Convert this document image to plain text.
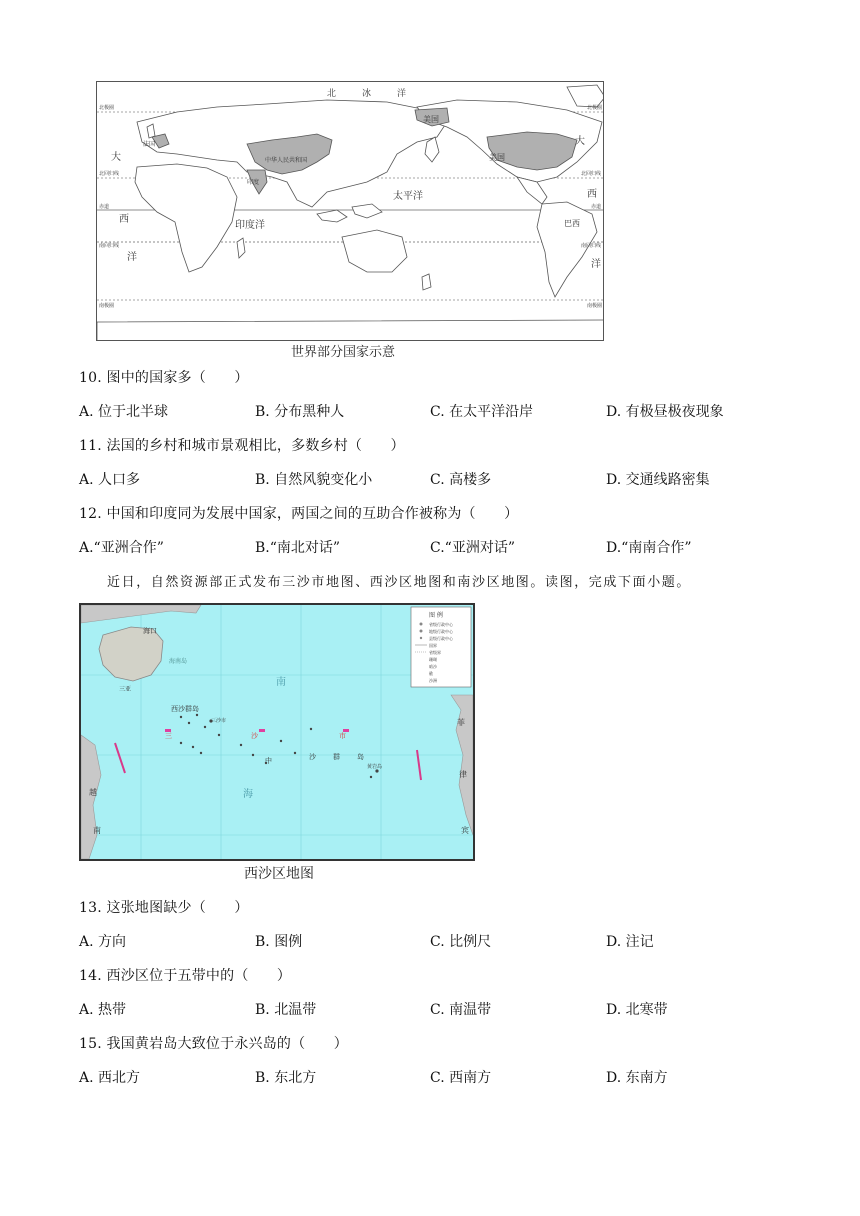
北	冰	洋
大
西
洋
大
西
洋
太平洋
印度洋
中华人民共和国
印度
美国
美国
法国
巴西
北极圈	北极圈
北回归线	北回归线
赤道	赤道
南回归线	南回归线
南极圈	南极圈
世界部分国家示意
10. 图中的国家多（　　）
A. 位于北半球	B. 分布黑种人	C. 在太平洋沿岸	D. 有极昼极夜现象
11. 法国的乡村和城市景观相比，多数乡村（　　）
A. 人口多	B. 自然风貌变化小	C. 高楼多	D. 交通线路密集
12. 中国和印度同为发展中国家，两国之间的互助合作被称为（　　）
A.“亚洲合作”	B.“南北对话”	C.“亚洲对话”	D.“南南合作”
近日，自然资源部正式发布三沙市地图、西沙区地图和南沙区地图。读图，完成下面小题。
图 例
省级行政中心
地级行政中心
县级行政中心
国界
省级界
珊瑚
暗沙
礁
沙洲
海口
海南岛
三亚
西沙群岛
三沙市
南
海
中	沙 群 岛
三	沙	市
越
南
菲
律
宾
黄岩岛
西沙区地图
13. 这张地图缺少（　　）
A. 方向	B. 图例	C. 比例尺	D. 注记
14. 西沙区位于五带中的（　　）
A. 热带	B. 北温带	C. 南温带	D. 北寒带
15. 我国黄岩岛大致位于永兴岛的（　　）
A. 西北方	B. 东北方	C. 西南方	D. 东南方
